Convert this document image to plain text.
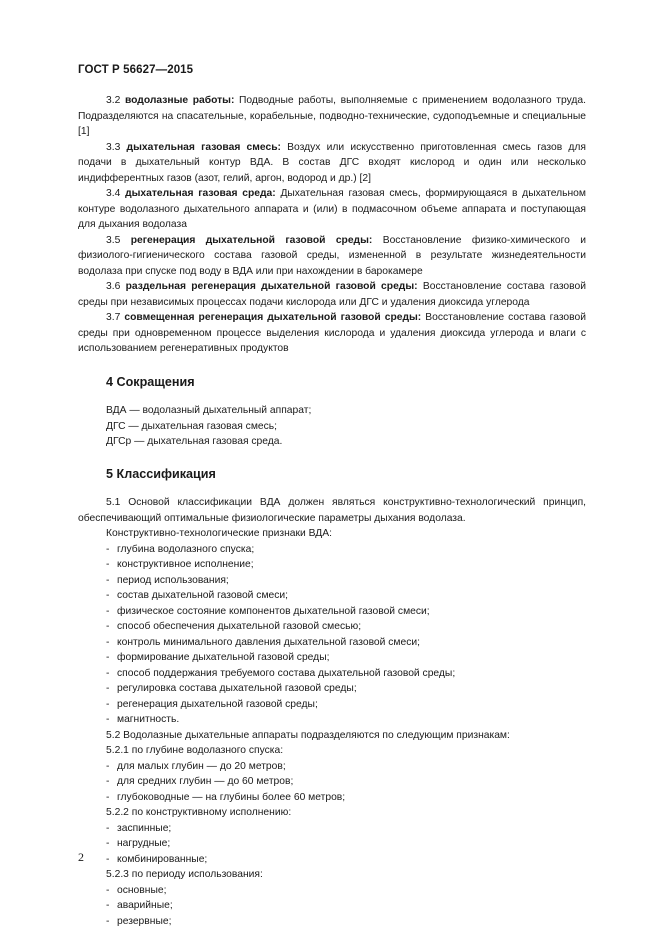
ГОСТ Р 56627—2015

3.2 водолазные работы: Подводные работы, выполняемые с применением водолазного труда. Подразделяются на спасательные, корабельные, подводно-технические, судоподъемные и специальные [1]

3.3 дыхательная газовая смесь: Воздух или искусственно приготовленная смесь газов для подачи в дыхательный контур ВДА. В состав ДГС входят кислород и один или несколько индифферентных газов (азот, гелий, аргон, водород и др.) [2]

3.4 дыхательная газовая среда: Дыхательная газовая смесь, формирующаяся в дыхательном контуре водолазного дыхательного аппарата и (или) в подмасочном объеме аппарата и поступающая для дыхания водолаза

3.5 регенерация дыхательной газовой среды: Восстановление физико-химического и физиолого-гигиенического состава газовой среды, измененной в результате жизнедеятельности водолаза при спуске под воду в ВДА или при нахождении в барокамере

3.6 раздельная регенерация дыхательной газовой среды: Восстановление состава газовой среды при независимых процессах подачи кислорода или ДГС и удаления диоксида углерода

3.7 совмещенная регенерация дыхательной газовой среды: Восстановление состава газовой среды при одновременном процессе выделения кислорода и удаления диоксида углерода и влаги с использованием регенеративных продуктов

4 Сокращения

ВДА — водолазный дыхательный аппарат;

ДГС — дыхательная газовая смесь;

ДГСр — дыхательная газовая среда.

5 Классификация

5.1 Основой классификации ВДА должен являться конструктивно-технологический принцип, обеспечивающий оптимальные физиологические параметры дыхания водолаза.

Конструктивно-технологические признаки ВДА:

- глубина водолазного спуска;

- конструктивное исполнение;

- период использования;

- состав дыхательной газовой смеси;

- физическое состояние компонентов дыхательной газовой смеси;

- способ обеспечения дыхательной газовой смесью;

- контроль минимального давления дыхательной газовой смеси;

- формирование дыхательной газовой среды;

- способ поддержания требуемого состава дыхательной газовой среды;

- регулировка состава дыхательной газовой среды;

- регенерация дыхательной газовой среды;

- магнитность.

5.2 Водолазные дыхательные аппараты подразделяются по следующим признакам:

5.2.1 по глубине водолазного спуска:

- для малых глубин — до 20 метров;

- для средних глубин — до 60 метров;

- глубоководные — на глубины более 60 метров;

5.2.2 по конструктивному исполнению:

- заспинные;

- нагрудные;

- комбинированные;

5.2.3 по периоду использования:

- основные;

- аварийные;

- резервные;

2
